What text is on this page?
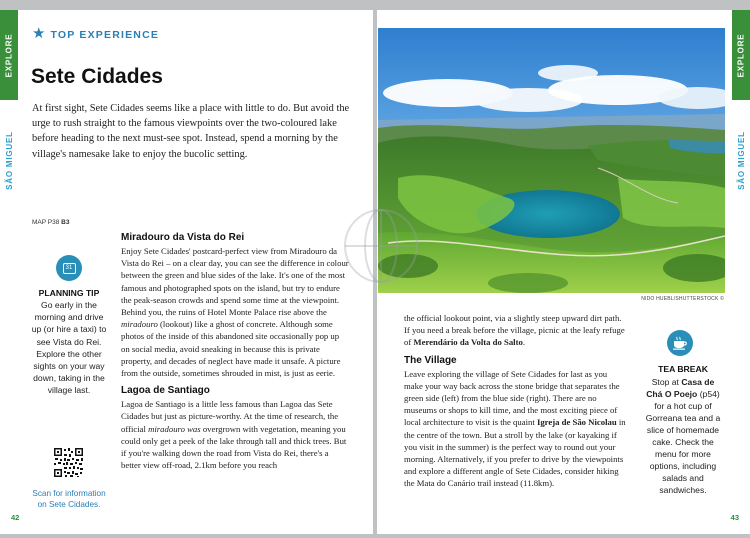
EXPLORE
SÃO MIGUEL
★ TOP EXPERIENCE
Sete Cidades

At first sight, Sete Cidades seems like a place with little to do. But avoid the urge to rush straight to the famous viewpoints over the two-coloured lake before heading to the next must-see spot. Instead, spend a morning by the village's namesake lake to enjoy the bucolic setting.

MAP P38 B3
31
PLANNING TIP
Go early in the morning and drive up (or hire a taxi) to see Vista do Rei. Explore the other sights on your way down, taking in the village last.
Scan for information on Sete Cidades.
Miradouro da Vista do Rei

Enjoy Sete Cidades' postcard-perfect view from Miradouro da Vista do Rei – on a clear day, you can see the difference in colour between the green and blue sides of the lake. It's one of the most famous and photographed spots on the island, but try to endure the peak-season crowds and spend some time at the viewpoint. Behind you, the ruins of Hotel Monte Palace rise above the miradouro (lookout) like a ghost of concrete. Although some photos of the inside of this abandoned site occasionally pop up on social media, avoid sneaking in because this is private property, and decades of neglect have made it unsafe. A picture from the outside, sometimes shrouded in mist, is just as eerie.

Lagoa de Santiago

Lagoa de Santiago is a little less famous than Lagoa das Sete Cidades but just as picture-worthy. At the time of research, the official miradouro was overgrown with vegetation, meaning you could only get a peek of the lake through tall and thick trees. But if you're walking down the road from Vista do Rei, there's a better view off-road, 2.1km before you reach

42
EXPLORE
SÃO MIGUEL
NIDO HUEBL/SHUTTERSTOCK ©

the official lookout point, via a slightly steep upward dirt path. If you need a break before the village, picnic at the leafy refuge of Merendário da Volta do Salto.

The Village

Leave exploring the village of Sete Cidades for last as you make your way back across the stone bridge that separates the green side (left) from the blue side (right). There are no museums or shops to kill time, and the most exciting piece of local architecture to visit is the quaint Igreja de São Nicolau in the centre of the town. But a stroll by the lake (or kayaking if you visit in the summer) is the perfect way to round out your morning. Alternatively, if you prefer to drive by the viewpoints and explore a different angle of Sete Cidades, consider hiking the Mata do Canário trail instead (11.8km).

TEA BREAK
Stop at Casa de Chá O Poejo (p54) for a hot cup of Gorreana tea and a slice of homemade cake. Check the menu for more options, including salads and sandwiches.
43
